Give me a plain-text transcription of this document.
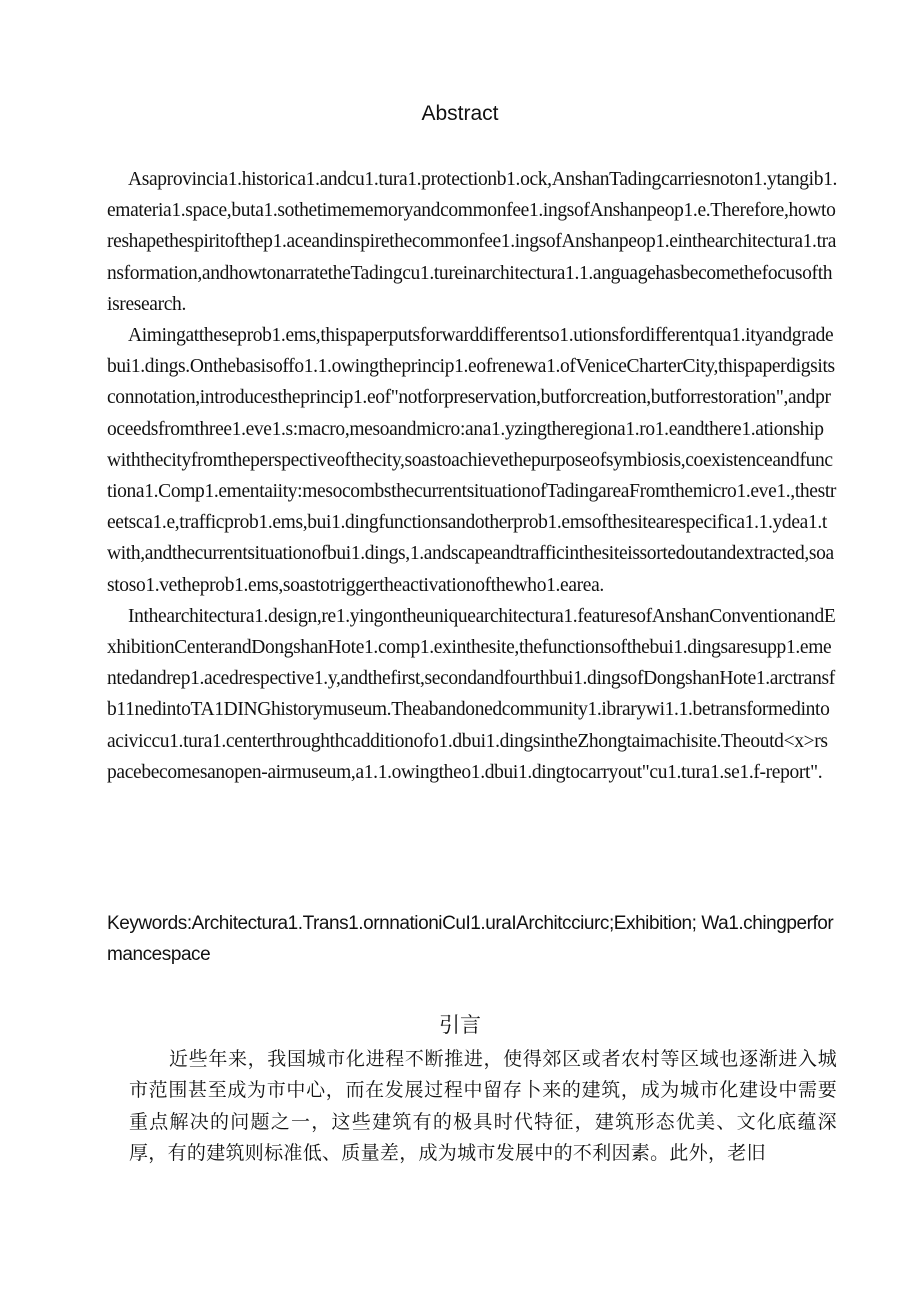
Abstract

Asaprovincia1.historica1.andcu1.tura1.protectionb1.ock,AnshanTadingcarriesnoton1.ytangib1.emateria1.space,buta1.sothetimememoryandcommonfee1.ingsofAnshanpeop1.e.Therefore,howtoreshapethespiritofthep1.aceandinspirethecommonfee1.ingsofAnshanpeop1.einthearchitectura1.transformation,andhowtonarratetheTadingcu1.tureinarchitectura1.1.anguagehasbecomethefocusofthisresearch.

Aimingattheseprob1.ems,thispaperputsforwarddifferentso1.utionsfordifferentqua1.ityandgradebui1.dings.Onthebasisoffo1.1.owingtheprincip1.eofrenewa1.ofVeniceCharterCity,thispaperdigsitsconnotation,introducestheprincip1.eof"notforpreservation,butforcreation,butforrestoration",andproceedsfromthree1.eve1.s:macro,mesoandmicro:ana1.yzingtheregiona1.ro1.eandthere1.ationshipwiththecityfromtheperspectiveofthecity,soastoachievethepurposeofsymbiosis,coexistenceandfunctiona1.Comp1.ementaiity:mesocombsthecurrentsituationofTadingareaFromthemicro1.eve1.,thestreetsca1.e,trafficprob1.ems,bui1.dingfunctionsandotherprob1.emsofthesitearespecifica1.1.ydea1.twith,andthecurrentsituationofbui1.dings,1.andscapeandtrafficinthesiteissortedoutandextracted,soastoso1.vetheprob1.ems,soastotriggertheactivationofthewho1.earea.

Inthearchitectura1.design,re1.yingontheuniquearchitectura1.featuresofAnshanConventionandExhibitionCenterandDongshanHote1.comp1.exinthesite,thefunctionsofthebui1.dingsaresupp1.ementedandrep1.acedrespective1.y,andthefirst,secondandfourthbui1.dingsofDongshanHote1.arctransfb11nedintoTA1DINGhistorymuseum.Theabandonedcommunity1.ibrarywi1.1.betransformedintoaciviccu1.tura1.centerthroughthcadditionofo1.dbui1.dingsintheZhongtaimachisite.Theoutd<x>rspacebecomesanopen-airmuseum,a1.1.owingtheo1.dbui1.dingtocarryout"cu1.tura1.se1.f-report".

Keywords:Architectura1.Trans1.ornnationiCuI1.uraIArchitcciurc;Exhibition; Wa1.chingperformancespace
引言

近些年来，我国城市化进程不断推进，使得郊区或者农村等区域也逐渐进入城市范围甚至成为市中心，而在发展过程中留存卜来的建筑，成为城市化建设中需要重点解决的问题之一，这些建筑有的极具时代特征，建筑形态优美、文化底蕴深厚，有的建筑则标准低、质量差，成为城市发展中的不利因素。此外，老旧
